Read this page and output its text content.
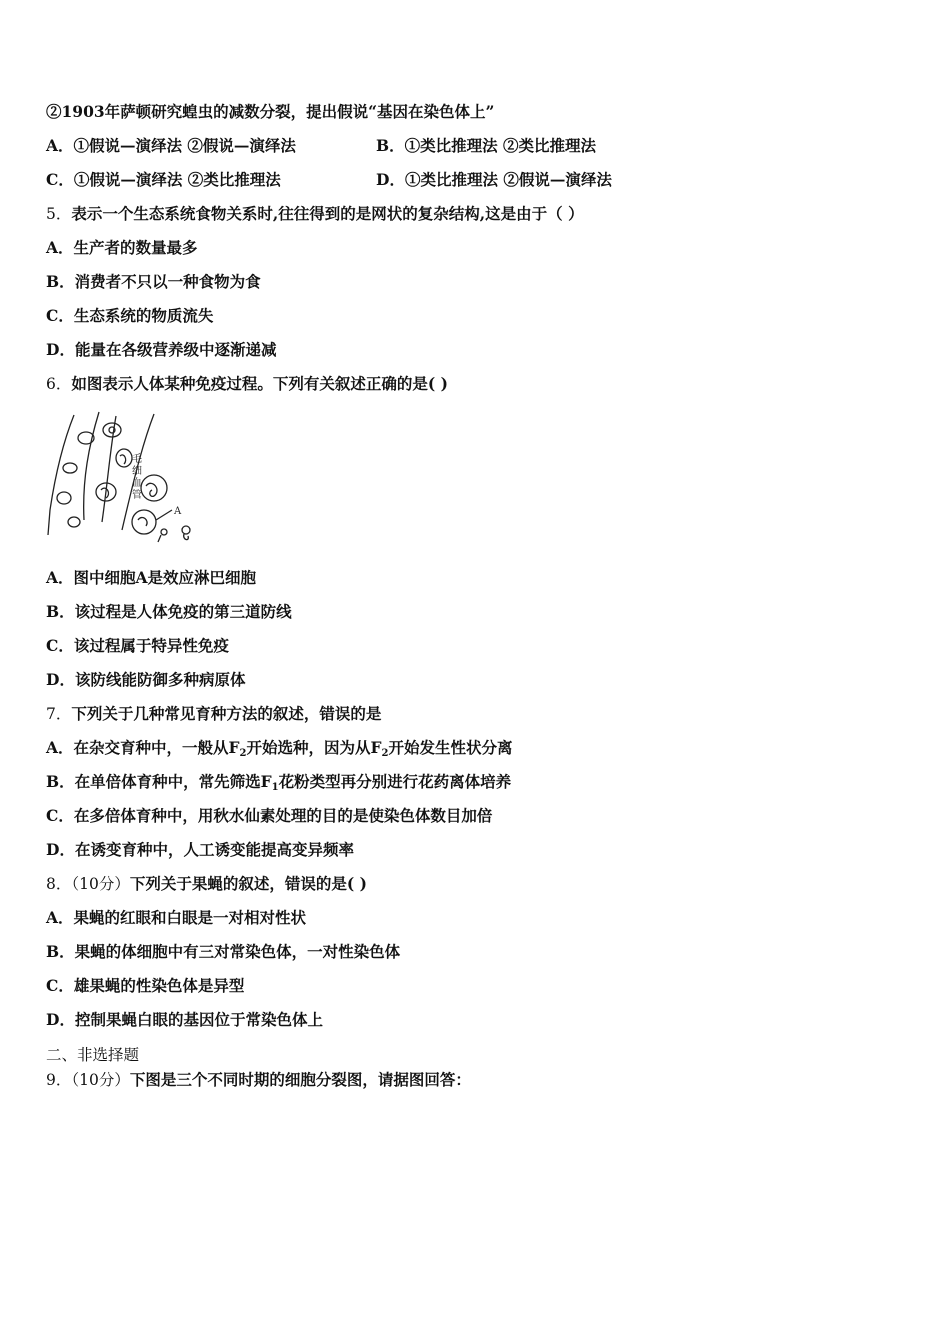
②1903年萨顿研究蝗虫的减数分裂，提出假说“基因在染色体上”
A．①假说—演绎法 ②假说—演绎法	B．①类比推理法 ②类比推理法
C．①假说—演绎法 ②类比推理法	D．①类比推理法 ②假说—演绎法
5．表示一个生态系统食物关系时,往往得到的是网状的复杂结构,这是由于（ ）
A．生产者的数量最多
B．消费者不只以一种食物为食
C．生态系统的物质流失
D．能量在各级营养级中逐渐递减
6．如图表示人体某种免疫过程。下列有关叙述正确的是( )
毛细血管
A
A．图中细胞A是效应淋巴细胞
B．该过程是人体免疫的第三道防线
C．该过程属于特异性免疫
D．该防线能防御多种病原体
7．下列关于几种常见育种方法的叙述，错误的是
A．在杂交育种中，一般从$F_2$开始选种，因为从$F_2$开始发生性状分离
B．在单倍体育种中，常先筛选$F_1$花粉类型再分别进行花药离体培养
C．在多倍体育种中，用秋水仙素处理的目的是使染色体数目加倍
D．在诱变育种中，人工诱变能提高变异频率
8．（10分）下列关于果蝇的叙述，错误的是( )
A．果蝇的红眼和白眼是一对相对性状
B．果蝇的体细胞中有三对常染色体，一对性染色体
C．雄果蝇的性染色体是异型
D．控制果蝇白眼的基因位于常染色体上
二、非选择题
9．（10分）下图是三个不同时期的细胞分裂图，请据图回答：
